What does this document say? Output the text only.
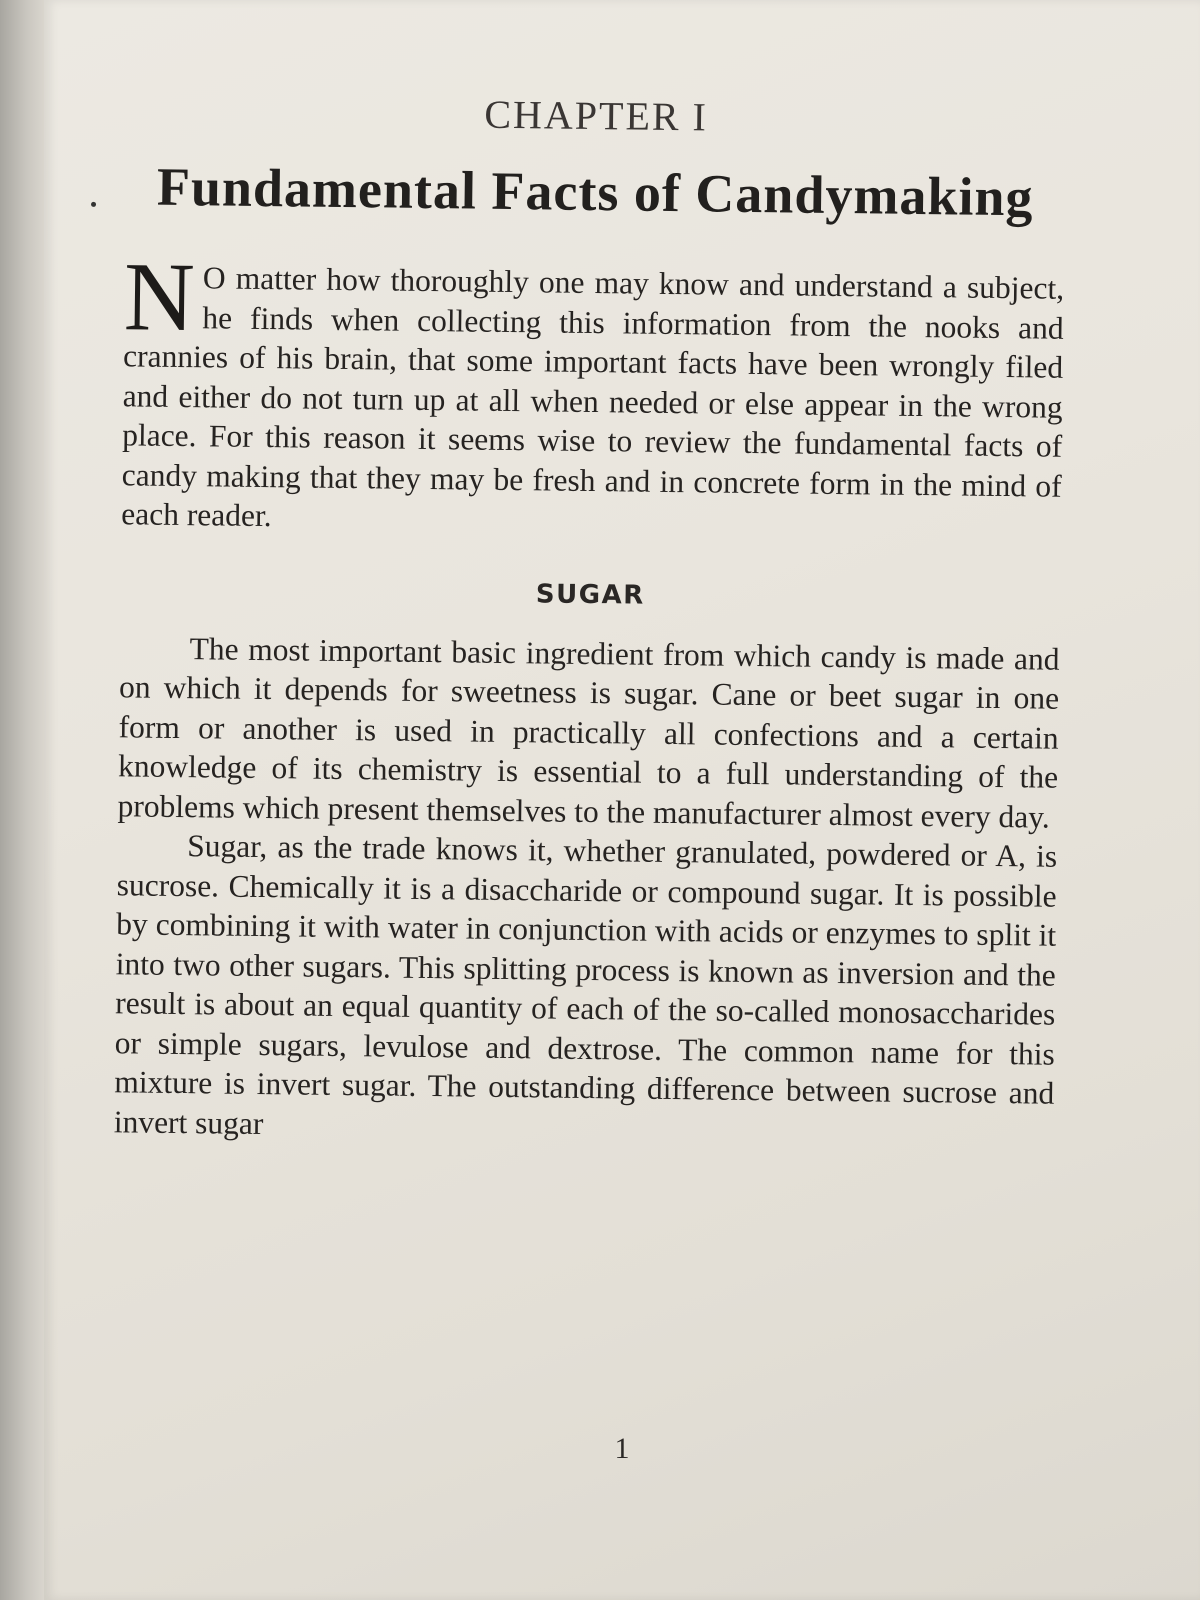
CHAPTER I
Fundamental Facts of Candymaking

N O matter how thoroughly one may know and understand a subject, he finds when collecting this information from the nooks and crannies of his brain, that some important facts have been wrongly filed and either do not turn up at all when needed or else appear in the wrong place. For this reason it seems wise to review the fundamental facts of candy making that they may be fresh and in concrete form in the mind of each reader.

SUGAR

The most important basic ingredient from which candy is made and on which it depends for sweetness is sugar. Cane or beet sugar in one form or another is used in practically all confections and a certain knowledge of its chemistry is essential to a full understanding of the problems which present themselves to the manufacturer almost every day.

Sugar, as the trade knows it, whether granulated, powdered or A, is sucrose. Chemically it is a disaccharide or compound sugar. It is possible by combining it with water in conjunction with acids or enzymes to split it into two other sugars. This splitting process is known as inversion and the result is about an equal quantity of each of the so-called monosaccharides or simple sugars, levulose and dextrose. The common name for this mixture is invert sugar. The outstanding difference between sucrose and invert sugar

1
